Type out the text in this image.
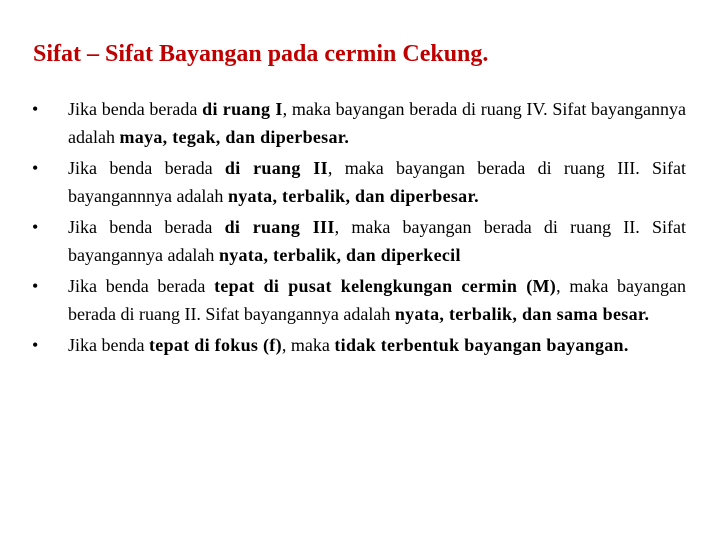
Sifat – Sifat Bayangan pada cermin Cekung.
• Jika benda berada di ruang I, maka bayangan berada di ruang IV. Sifat bayangannya adalah maya, tegak, dan diperbesar.
• Jika benda berada di ruang II, maka bayangan berada di ruang III. Sifat bayangannnya adalah nyata, terbalik, dan diperbesar.
• Jika benda berada di ruang III, maka bayangan berada di ruang II. Sifat bayangannya adalah nyata, terbalik, dan diperkecil
• Jika benda berada tepat di pusat kelengkungan cermin (M), maka bayangan berada di ruang II. Sifat bayangannya adalah nyata, terbalik, dan sama besar.
• Jika benda tepat di fokus (f), maka tidak terbentuk bayangan bayangan.
